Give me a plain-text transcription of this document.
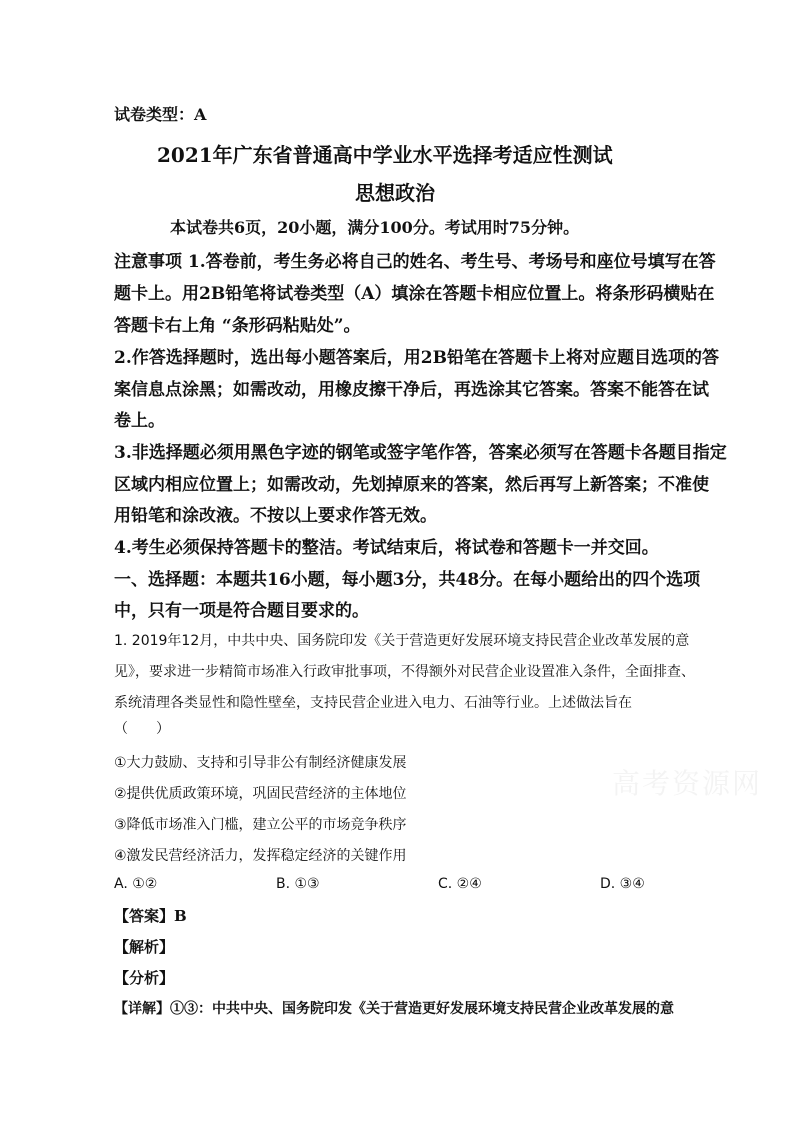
试卷类型：A
2021年广东省普通高中学业水平选择考适应性测试
思想政治
本试卷共6页，20小题，满分100分。考试用时75分钟。
注意事项 1.答卷前，考生务必将自己的姓名、考生号、考场号和座位号填写在答
题卡上。用2B铅笔将试卷类型（A）填涂在答题卡相应位置上。将条形码横贴在
答题卡右上角 “条形码粘贴处”。
2.作答选择题时，选出每小题答案后，用2B铅笔在答题卡上将对应题目选项的答
案信息点涂黑；如需改动，用橡皮擦干净后，再选涂其它答案。答案不能答在试
卷上。
3.非选择题必须用黑色字迹的钢笔或签字笔作答，答案必须写在答题卡各题目指定
区域内相应位置上；如需改动，先划掉原来的答案，然后再写上新答案；不准使
用铅笔和涂改液。不按以上要求作答无效。
4.考生必须保持答题卡的整洁。考试结束后，将试卷和答题卡一并交回。
一、选择题：本题共16小题，每小题3分，共48分。在每小题给出的四个选项
中，只有一项是符合题目要求的。
1. 2019年12月，中共中央、国务院印发《关于营造更好发展环境支持民营企业改革发展的意
见》，要求进一步精简市场准入行政审批事项，不得额外对民营企业设置准入条件，全面排查、
系统清理各类显性和隐性壁垒，支持民营企业进入电力、石油等行业。上述做法旨在
（　　）
①大力鼓励、支持和引导非公有制经济健康发展
②提供优质政策环境，巩固民营经济的主体地位
③降低市场准入门槛，建立公平的市场竞争秩序
④激发民营经济活力，发挥稳定经济的关键作用
A. ①②	B. ①③	C. ②④	D. ③④
【答案】B
【解析】
【分析】
【详解】①③：中共中央、国务院印发《关于营造更好发展环境支持民营企业改革发展的意
高考资源网
